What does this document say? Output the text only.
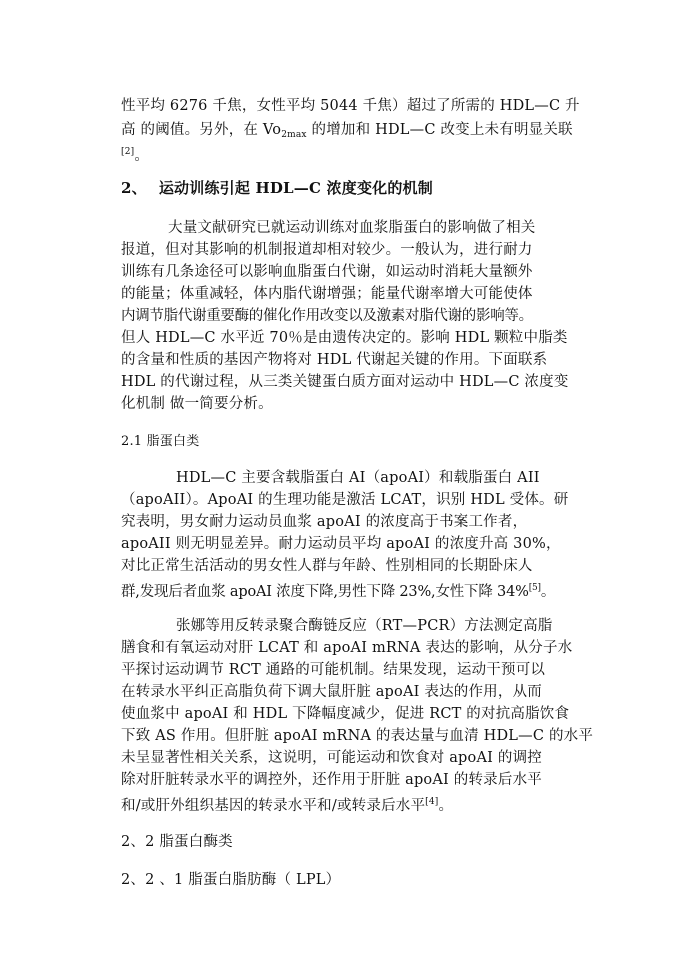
性平均 6276 千焦，女性平均 5044 千焦）超过了所需的 HDL—C 升
高 的阈值。另外，在 $Vo_{2max}$ 的增加和 HDL—C 改变上未有明显关联
[2]。
2、 运动训练引起 HDL—C 浓度变化的机制
大量文献研究已就运动训练对血浆脂蛋白的影响做了相关
报道，但对其影响的机制报道却相对较少。一般认为，进行耐力
训练有几条途径可以影响血脂蛋白代谢，如运动时消耗大量额外
的能量；体重减轻，体内脂代谢增强；能量代谢率增大可能使体
内调节脂代谢重要酶的催化作用改变以及激素对脂代谢的影响等。
但人 HDL—C 水平近 70％是由遗传决定的。影响 HDL 颗粒中脂类
的含量和性质的基因产物将对 HDL 代谢起关键的作用。下面联系
HDL 的代谢过程，从三类关键蛋白质方面对运动中 HDL—C 浓度变
化机制 做一简要分析。
2.1 脂蛋白类
HDL—C 主要含载脂蛋白 AI（apoAI）和载脂蛋白 AII
（apoAII）。ApoAI 的生理功能是激活 LCAT，识别 HDL 受体。研
究表明，男女耐力运动员血浆 apoAI 的浓度高于书案工作者，
apoAII 则无明显差异。耐力运动员平均 apoAI 的浓度升高 30%，
对比正常生活活动的男女性人群与年龄、性别相同的长期卧床人
群,发现后者血浆 apoAI 浓度下降,男性下降 23%,女性下降 34%[5]。
张娜等用反转录聚合酶链反应（RT—PCR）方法测定高脂
膳食和有氧运动对肝 LCAT 和 apoAI mRNA 表达的影响，从分子水
平探讨运动调节 RCT 通路的可能机制。结果发现，运动干预可以
在转录水平纠正高脂负荷下调大鼠肝脏 apoAI 表达的作用，从而
使血浆中 apoAI 和 HDL 下降幅度减少，促进 RCT 的对抗高脂饮食
下致 AS 作用。但肝脏 apoAI mRNA 的表达量与血清 HDL—C 的水平
未呈显著性相关关系，这说明，可能运动和饮食对 apoAI 的调控
除对肝脏转录水平的调控外，还作用于肝脏 apoAI 的转录后水平
和/或肝外组织基因的转录水平和/或转录后水平[4]。
2、2 脂蛋白酶类
2、2 、1 脂蛋白脂肪酶（ LPL）
